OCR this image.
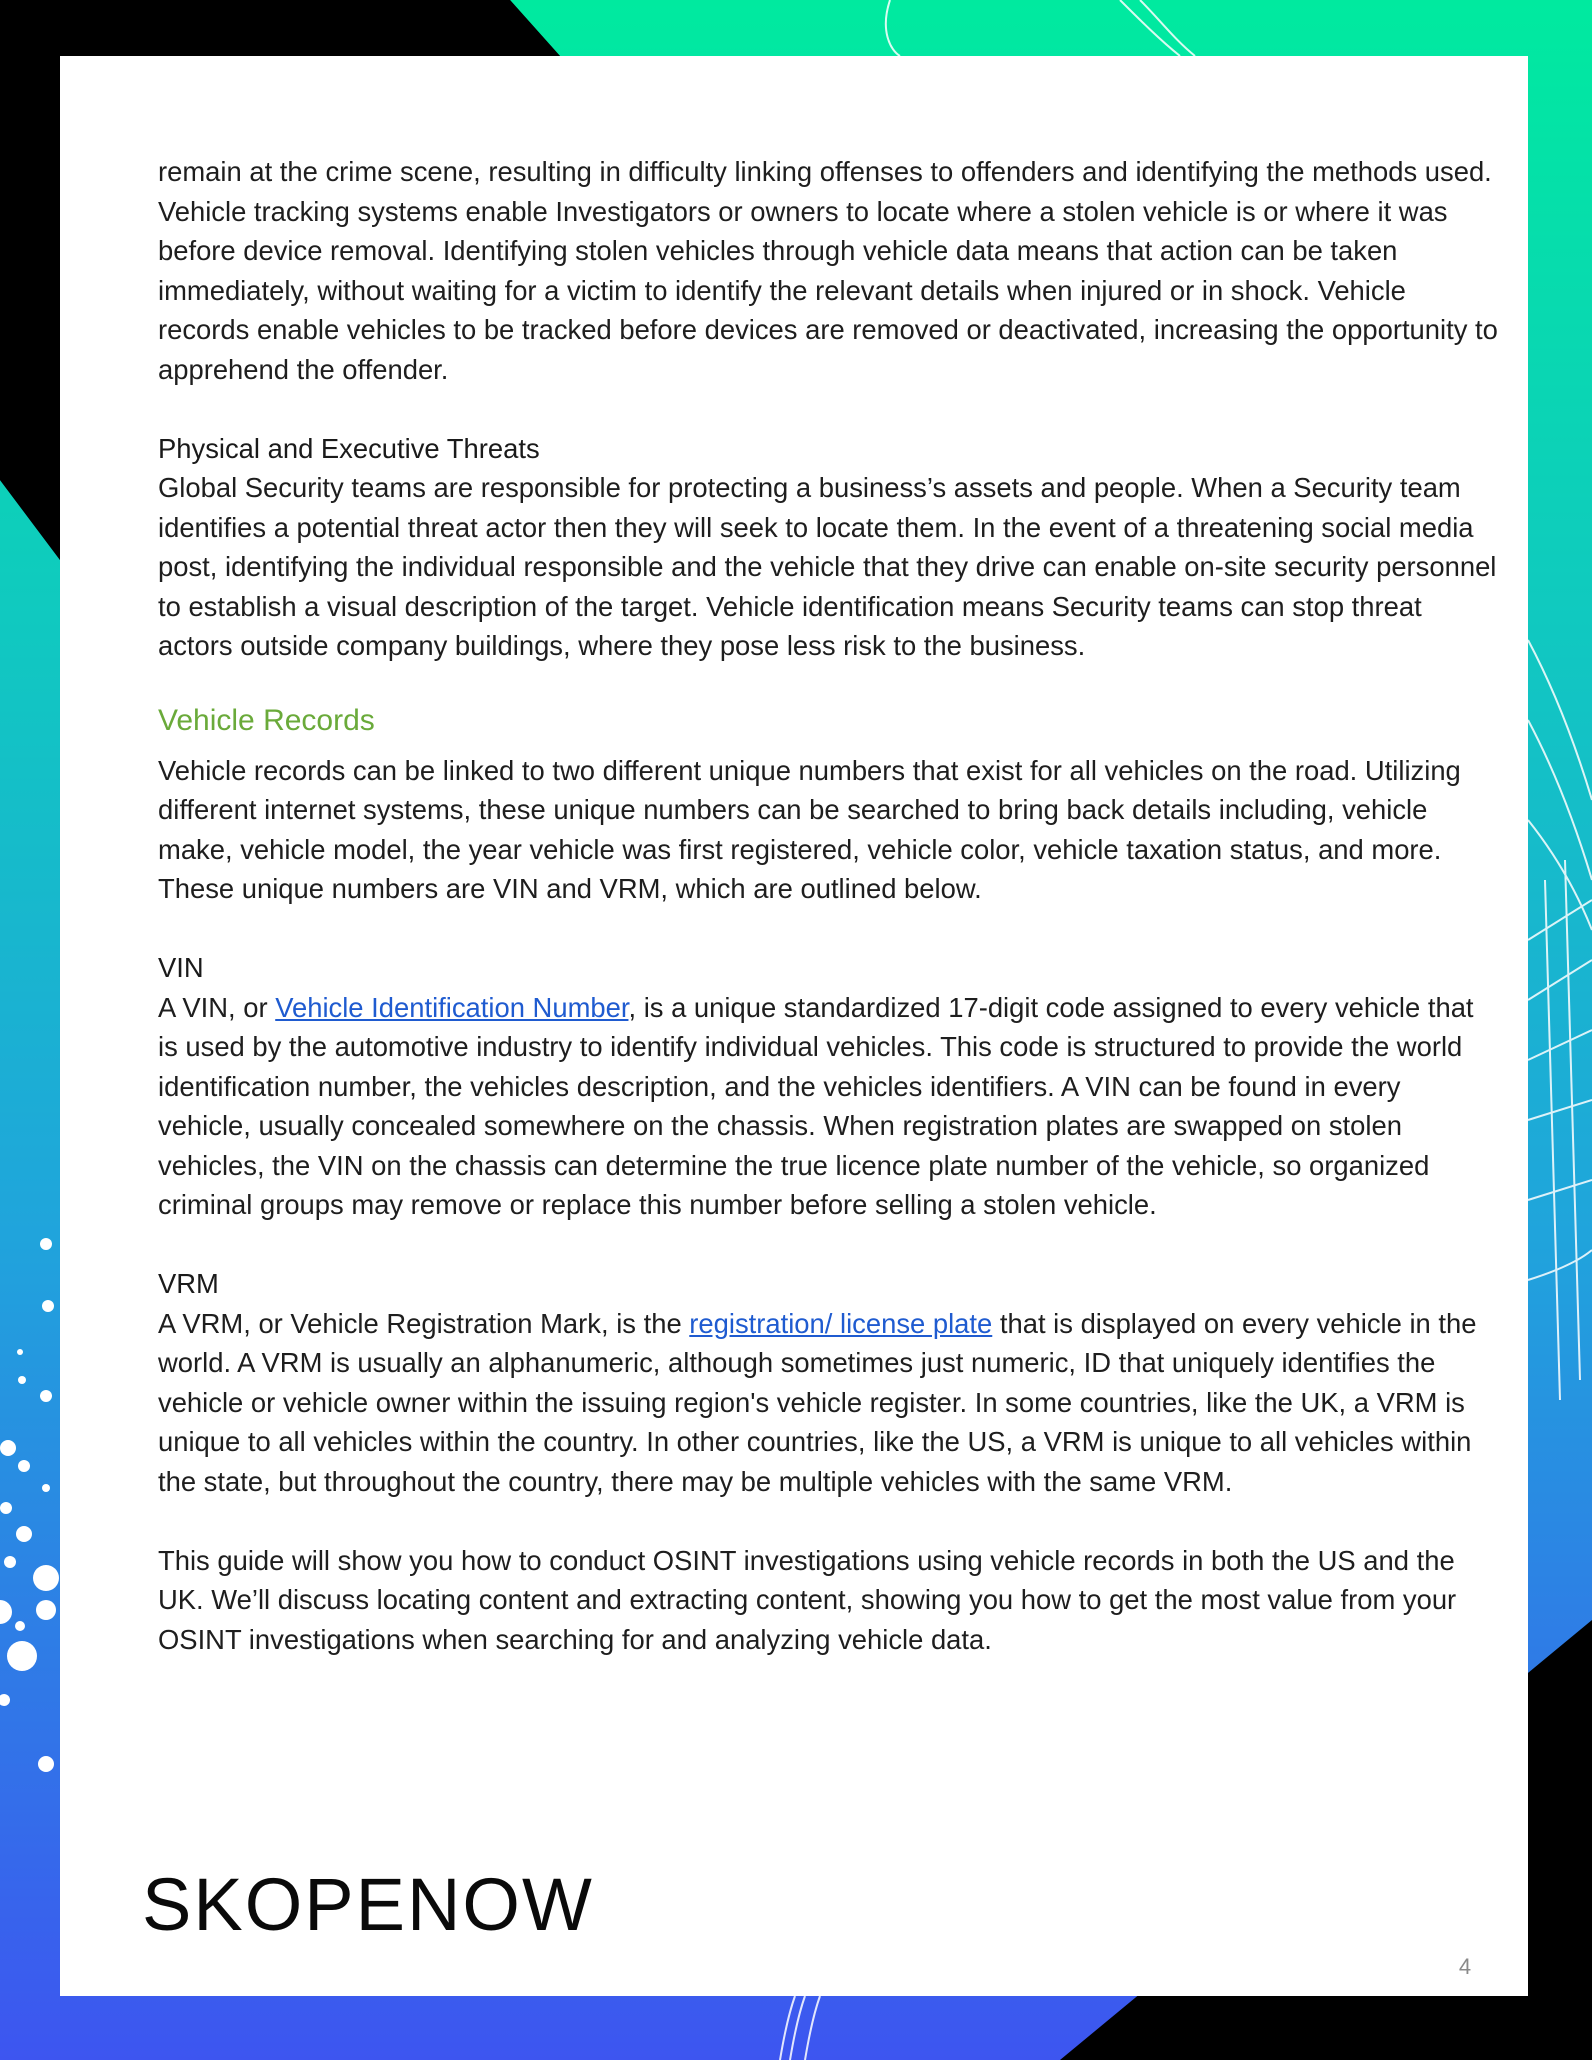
remain at the crime scene, resulting in difficulty linking offenses to offenders and identifying the methods used. Vehicle tracking systems enable Investigators or owners to locate where a stolen vehicle is or where it was before device removal. Identifying stolen vehicles through vehicle data means that action can be taken immediately, without waiting for a victim to identify the relevant details when injured or in shock. Vehicle records enable vehicles to be tracked before devices are removed or deactivated, increasing the opportunity to apprehend the offender.

Physical and Executive Threats

Global Security teams are responsible for protecting a business’s assets and people. When a Security team identifies a potential threat actor then they will seek to locate them. In the event of a threatening social media post, identifying the individual responsible and the vehicle that they drive can enable on-site security personnel to establish a visual description of the target. Vehicle identification means Security teams can stop threat actors outside company buildings, where they pose less risk to the business.

Vehicle Records

Vehicle records can be linked to two different unique numbers that exist for all vehicles on the road. Utilizing different internet systems, these unique numbers can be searched to bring back details including, vehicle make, vehicle model, the year vehicle was first registered, vehicle color, vehicle taxation status, and more. These unique numbers are VIN and VRM, which are outlined below.

VIN

A VIN, or Vehicle Identification Number, is a unique standardized 17-digit code assigned to every vehicle that is used by the automotive industry to identify individual vehicles. This code is structured to provide the world identification number, the vehicles description, and the vehicles identifiers. A VIN can be found in every vehicle, usually concealed somewhere on the chassis. When registration plates are swapped on stolen vehicles, the VIN on the chassis can determine the true licence plate number of the vehicle, so organized criminal groups may remove or replace this number before selling a stolen vehicle.

VRM

A VRM, or Vehicle Registration Mark, is the registration/ license plate that is displayed on every vehicle in the world. A VRM is usually an alphanumeric, although sometimes just numeric, ID that uniquely identifies the vehicle or vehicle owner within the issuing region's vehicle register. In some countries, like the UK, a VRM is unique to all vehicles within the country. In other countries, like the US, a VRM is unique to all vehicles within the state, but throughout the country, there may be multiple vehicles with the same VRM.

This guide will show you how to conduct OSINT investigations using vehicle records in both the US and the UK. We’ll discuss locating content and extracting content, showing you how to get the most value from your OSINT investigations when searching for and analyzing vehicle data.

SKOPENOW
4
